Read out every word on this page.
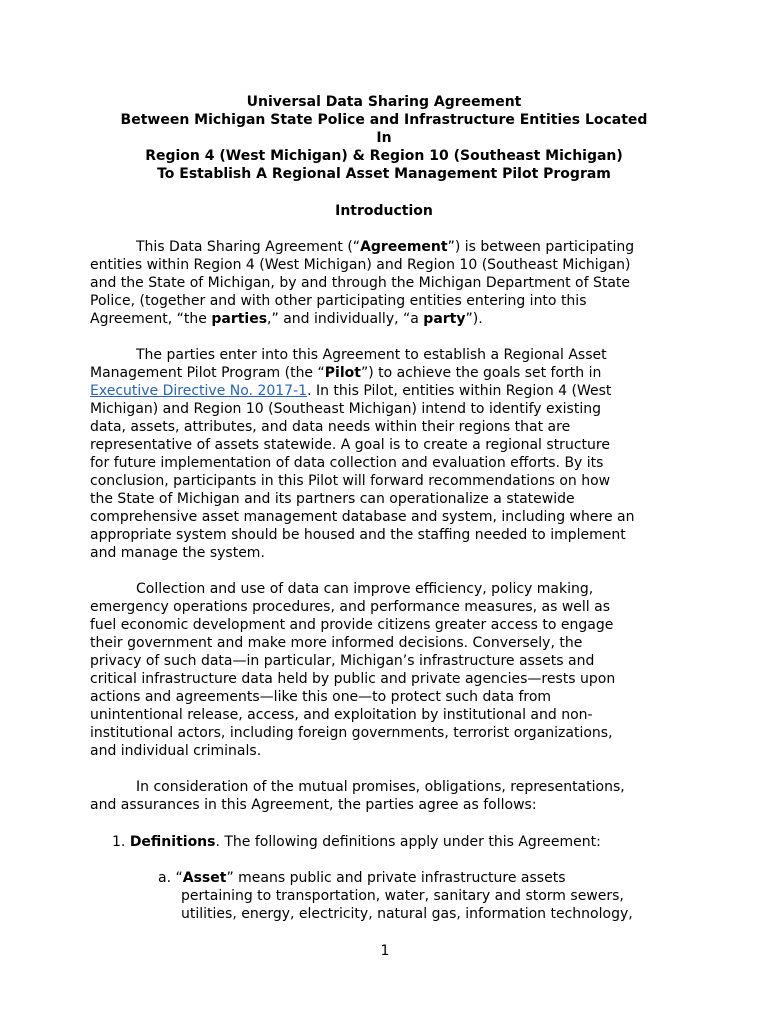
Universal Data Sharing Agreement
Between Michigan State Police and Infrastructure Entities Located
In
Region 4 (West Michigan) & Region 10 (Southeast Michigan)
To Establish A Regional Asset Management Pilot Program
Introduction
This Data Sharing Agreement (“Agreement”) is between participating
entities within Region 4 (West Michigan) and Region 10 (Southeast Michigan)
and the State of Michigan, by and through the Michigan Department of State
Police, (together and with other participating entities entering into this
Agreement, “the parties,” and individually, “a party”).
The parties enter into this Agreement to establish a Regional Asset
Management Pilot Program (the “Pilot”) to achieve the goals set forth in
Executive Directive No. 2017-1. In this Pilot, entities within Region 4 (West
Michigan) and Region 10 (Southeast Michigan) intend to identify existing
data, assets, attributes, and data needs within their regions that are
representative of assets statewide. A goal is to create a regional structure
for future implementation of data collection and evaluation efforts. By its
conclusion, participants in this Pilot will forward recommendations on how
the State of Michigan and its partners can operationalize a statewide
comprehensive asset management database and system, including where an
appropriate system should be housed and the staffing needed to implement
and manage the system.
Collection and use of data can improve efficiency, policy making,
emergency operations procedures, and performance measures, as well as
fuel economic development and provide citizens greater access to engage
their government and make more informed decisions. Conversely, the
privacy of such data—in particular, Michigan’s infrastructure assets and
critical infrastructure data held by public and private agencies—rests upon
actions and agreements—like this one—to protect such data from
unintentional release, access, and exploitation by institutional and non-
institutional actors, including foreign governments, terrorist organizations,
and individual criminals.
In consideration of the mutual promises, obligations, representations,
and assurances in this Agreement, the parties agree as follows:
1. Definitions. The following definitions apply under this Agreement:
a. “Asset” means public and private infrastructure assets
pertaining to transportation, water, sanitary and storm sewers,
utilities, energy, electricity, natural gas, information technology,
1
